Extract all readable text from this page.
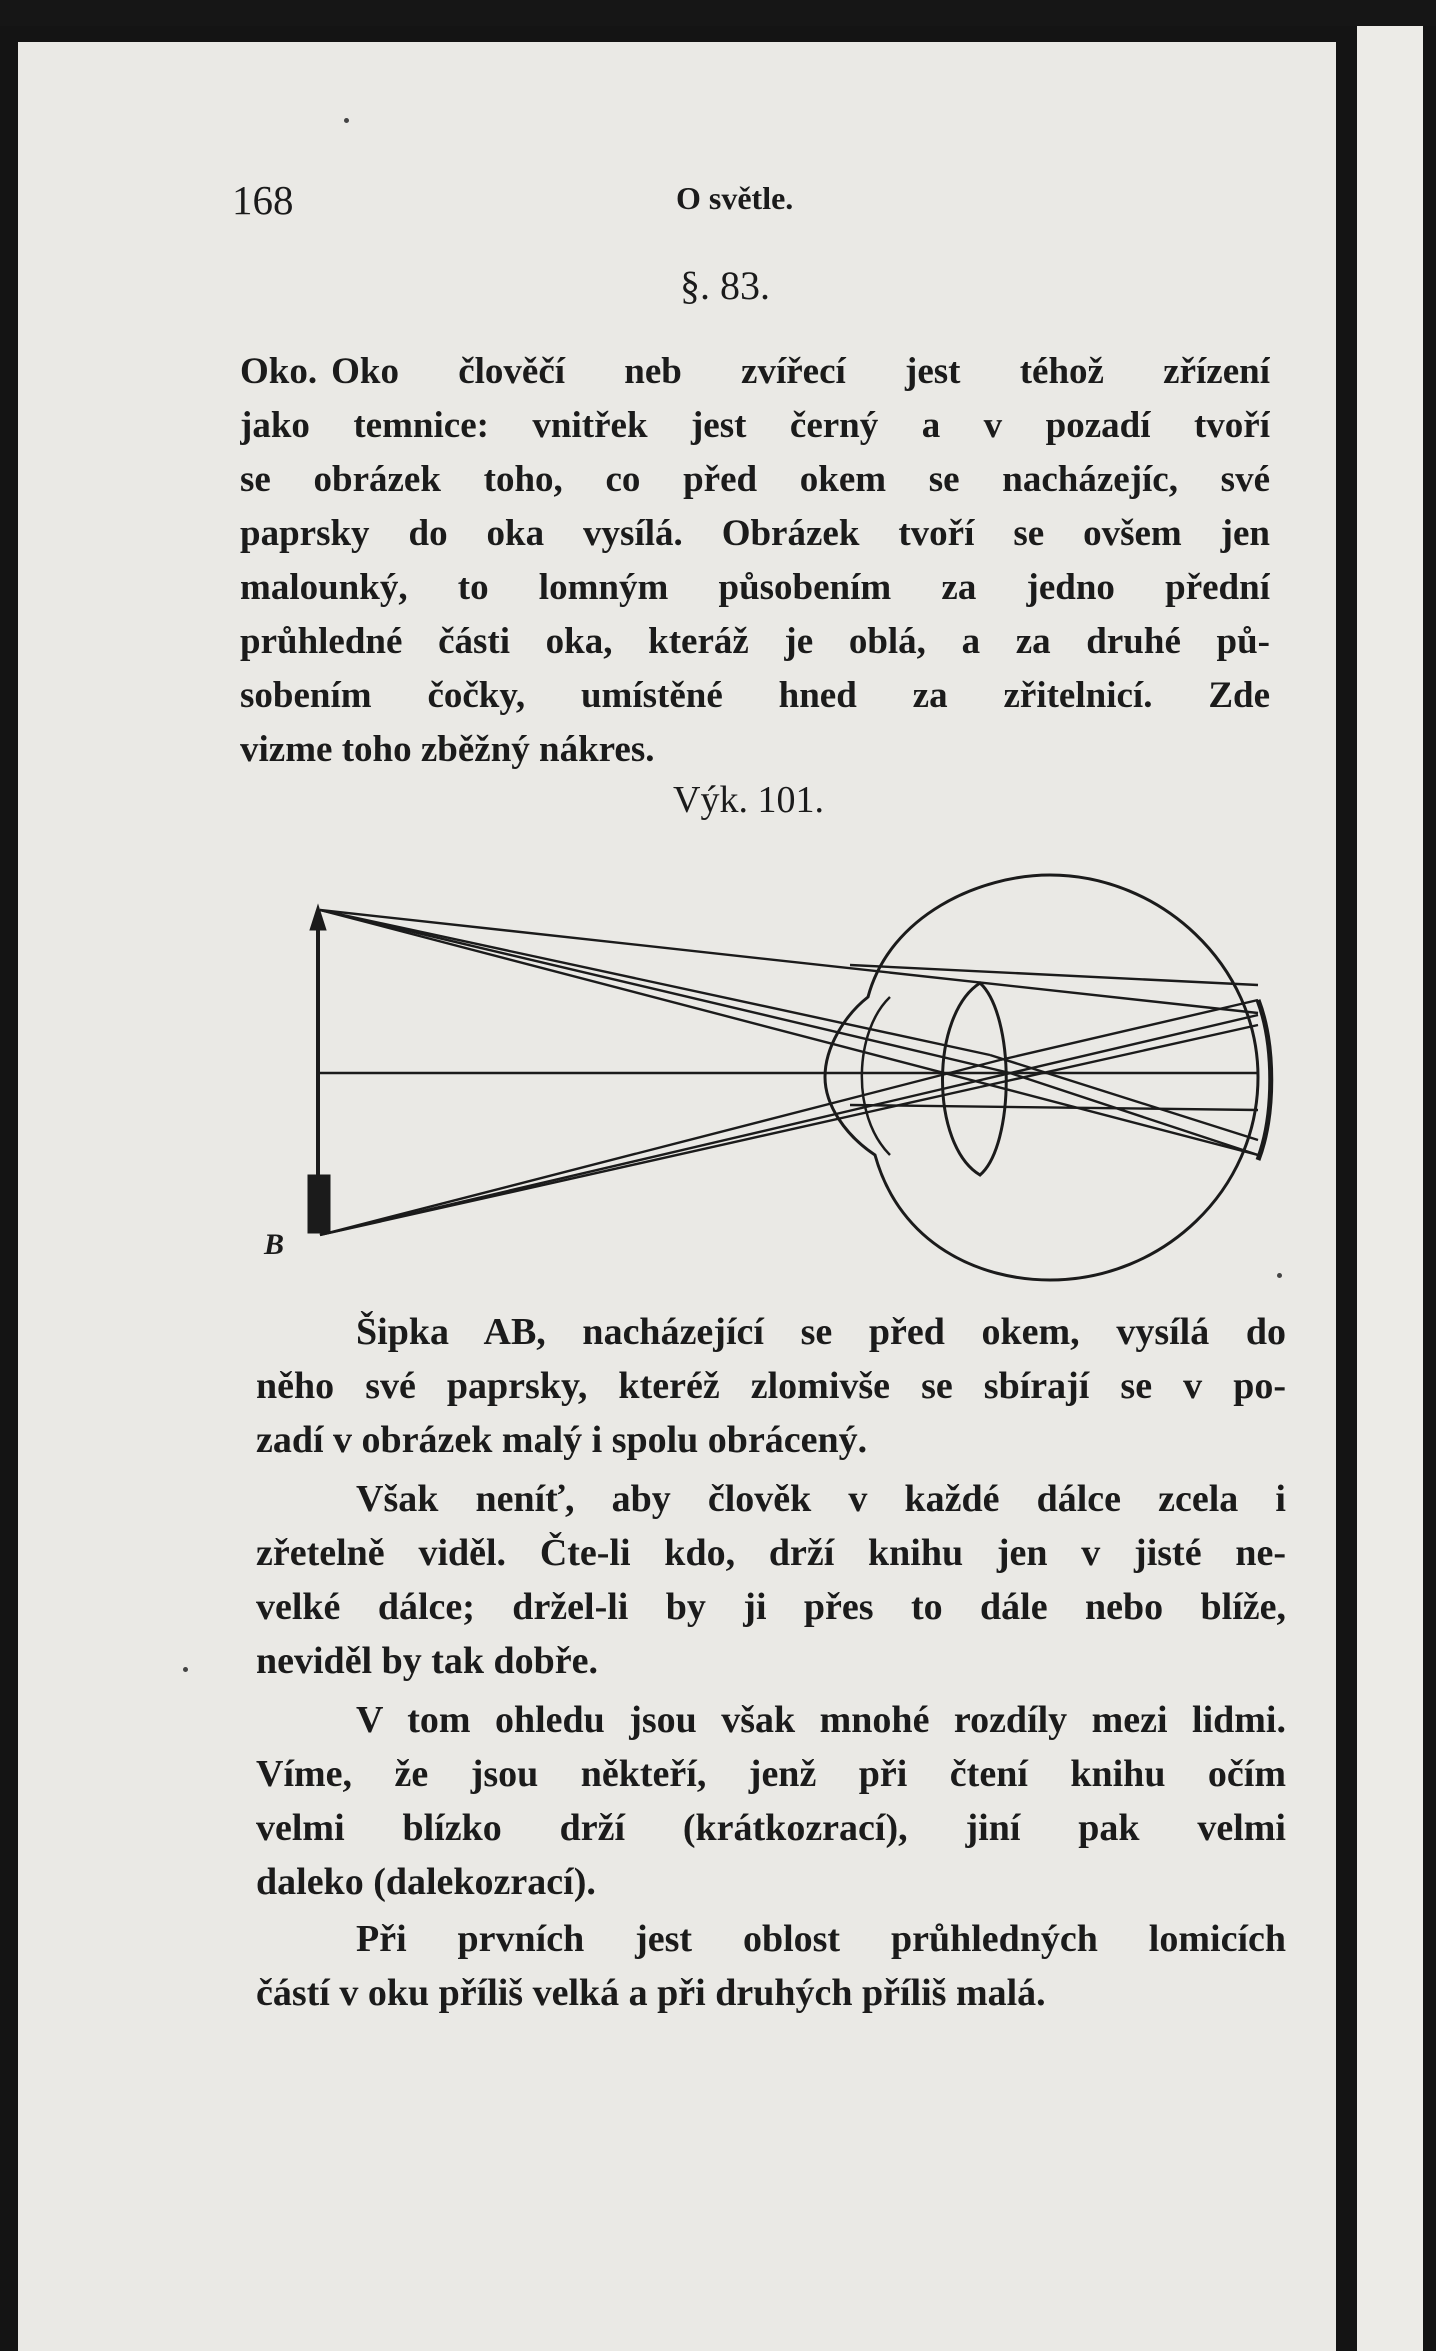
168	O světle.
§. 83.
Oko. Oko člověčí neb zvířecí jest téhož zřízení
jako temnice: vnitřek jest černý a v pozadí tvoří
se obrázek toho, co před okem se nacházejíc, své
paprsky do oka vysílá. Obrázek tvoří se ovšem jen
malounký, to lomným působením za jedno přední
průhledné části oka, kteráž je oblá, a za druhé pů-
sobením čočky, umístěné hned za zřitelnicí. Zde
vizme toho zběžný nákres.
Výk. 101.
B
Šipka AB, nacházející se před okem, vysílá do
něho své paprsky, kteréž zlomivše se sbírají se v po-
zadí v obrázek malý i spolu obrácený.
Však neníť, aby člověk v každé dálce zcela i
zřetelně viděl. Čte-li kdo, drží knihu jen v jisté ne-
velké dálce; držel-li by ji přes to dále nebo blíže,
neviděl by tak dobře.
V tom ohledu jsou však mnohé rozdíly mezi lidmi.
Víme, že jsou někteří, jenž při čtení knihu očím
velmi blízko drží (krátkozrací), jiní pak velmi
daleko (dalekozrací).
Při prvních jest oblost průhledných lomicích
částí v oku příliš velká a při druhých příliš malá.
